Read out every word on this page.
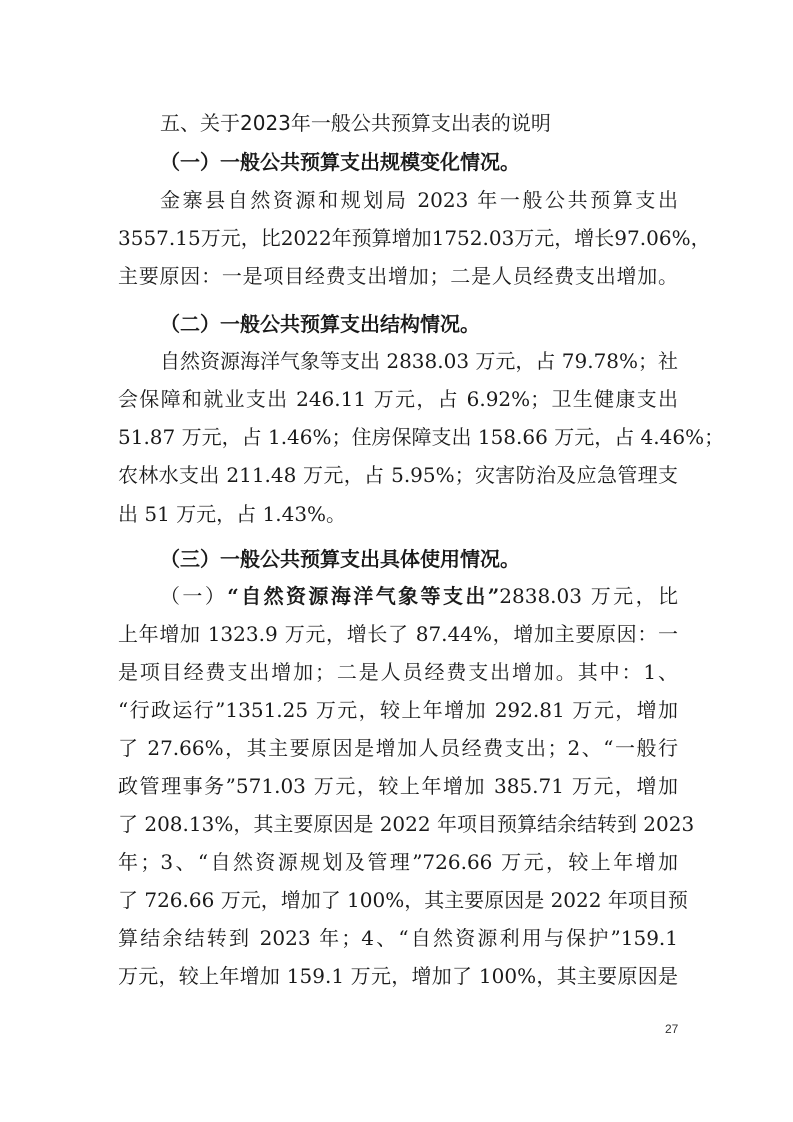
五、关于2023年一般公共预算支出表的说明
（一）一般公共预算支出规模变化情况。
金寨县自然资源和规划局 2023 年一般公共预算支出
3557.15万元，比2022年预算增加1752.03万元，增长97.06%，
主要原因：一是项目经费支出增加；二是人员经费支出增加。
（二）一般公共预算支出结构情况。
自然资源海洋气象等支出 2838.03 万元，占 79.78%；社
会保障和就业支出 246.11 万元，占 6.92%；卫生健康支出
51.87 万元，占 1.46%；住房保障支出 158.66 万元，占 4.46%；
农林水支出 211.48 万元，占 5.95%；灾害防治及应急管理支
出 51 万元，占 1.43%。
（三）一般公共预算支出具体使用情况。
（一）“自然资源海洋气象等支出”2838.03 万元，比
上年增加 1323.9 万元，增长了 87.44%，增加主要原因：一
是项目经费支出增加；二是人员经费支出增加。其中：1、
“行政运行”1351.25 万元，较上年增加 292.81 万元，增加
了 27.66%，其主要原因是增加人员经费支出；2、“一般行
政管理事务”571.03 万元，较上年增加 385.71 万元，增加
了 208.13%，其主要原因是 2022 年项目预算结余结转到 2023
年；3、“自然资源规划及管理”726.66 万元，较上年增加
了 726.66 万元，增加了 100%，其主要原因是 2022 年项目预
算结余结转到 2023 年；4、“自然资源利用与保护”159.1
万元，较上年增加 159.1 万元，增加了 100%，其主要原因是
27
